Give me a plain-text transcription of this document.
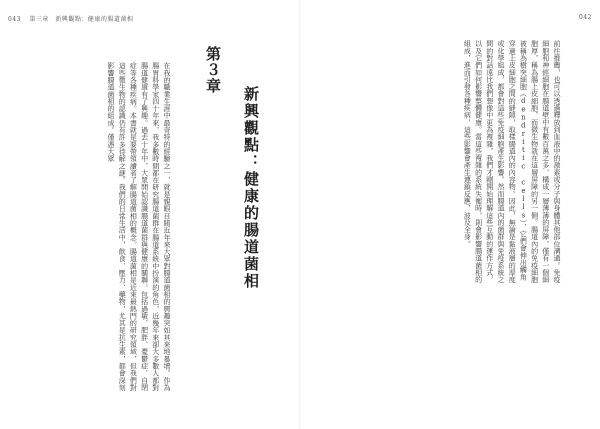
043 第三章　新興觀點：健康的腸道菌相
在我的職業生涯中最奇特的經驗之一，就是親眼目睹近年來大眾對腸道菌相的興趣突如其來地暴增。作為腸胃科學家四十年來，我多數時間都在研究腸道菌群在腸道系統中扮演的角色，近幾年來卻大多數人都對腸道健康有了興趣。過去十年中，大眾開始認識腸道菌群與健康的關聯，包括過敏、肥胖、憂鬱症、自閉症等各種疾病。本書就是要帶領讀者了解腸道菌相的概念。腸道菌相是近來最熱門的研究領域，但我們對這些微生物的認識仍有許多待解之謎。我們的日常生活中，飲食、壓力、藥物，尤其是抗生素，都會深刻影響腸道菌相的組成。僅憑大眾	第３章
新興觀點：健康的腸道菌相
042
前往推薦，也可以透過釋放到血液中的激素或分子與身體其他部位溝通。免疫細胞和神經細胞在腸道壁中有數百萬之多，構成一層薄薄的屏障，僅有一個細胞厚，稱為腸上皮細胞，而微生物就在這層屏障的另一側。腸道內的免疫細胞被稱為樹突細胞（dendritic cells），它們會伸出觸角穿過上皮細胞之間的縫隙，取樣腸道內的內容物。因此，無論是黏液層的厚度或化學組成，都會對這些免疫細胞產生影響。然而腸道內的菌群與免疫系統之間的對話遠比我們想像中更為複雜，我們才剛開始理解這些互動的運作方式，以及它們如何影響整體健康。當這些複雜的系統失衡時，則會影響腸道菌相的組成，進而引發各種疾病，這些影響會產生連鎖反應，波及全身。
